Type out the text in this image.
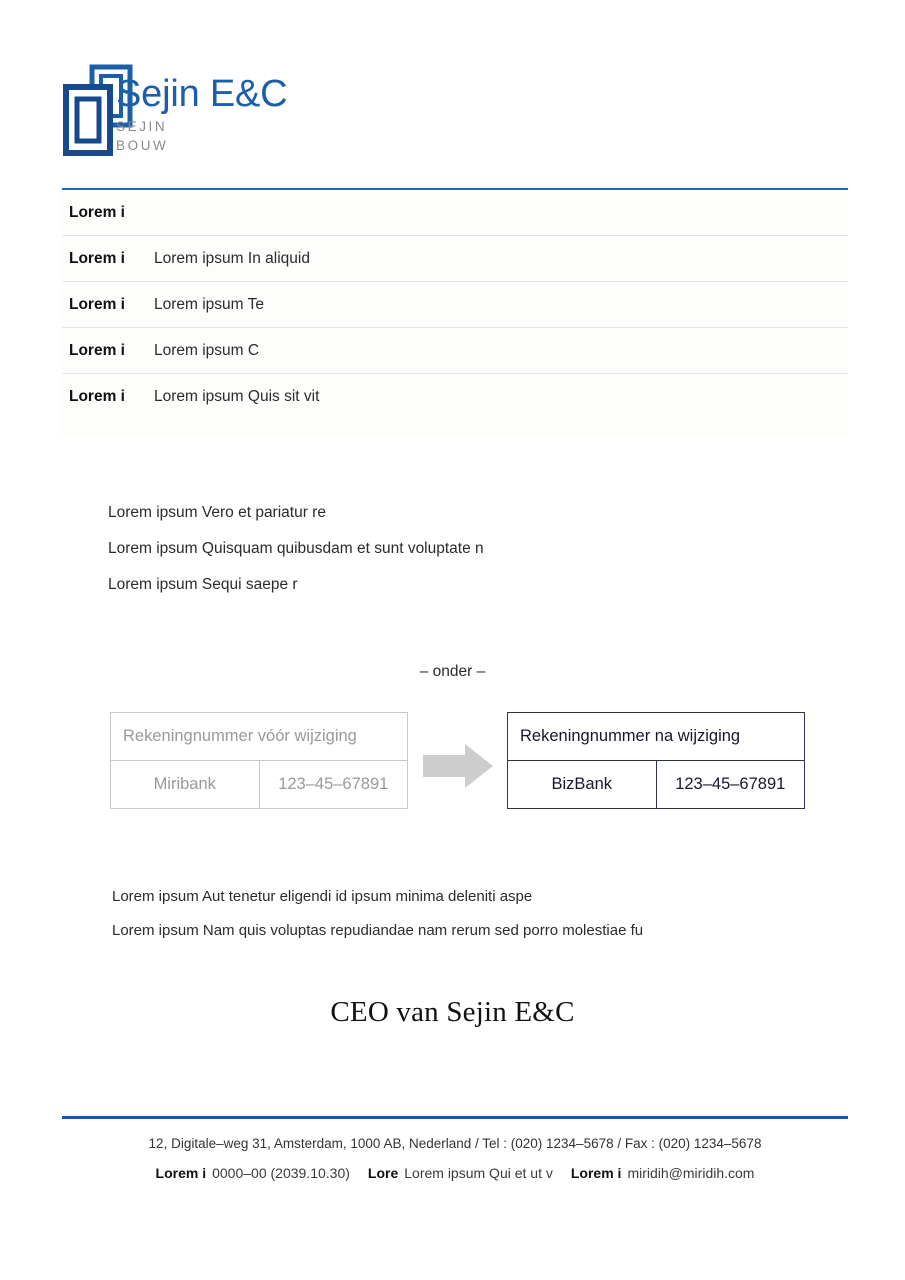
Sejin E&C
SEJIN
BOUW
Lorem i
Lorem i	Lorem ipsum In aliquid
Lorem i	Lorem ipsum Te
Lorem i	Lorem ipsum C
Lorem i	Lorem ipsum Quis sit vit
Lorem ipsum Vero et pariatur re
Lorem ipsum Quisquam quibusdam et sunt voluptate n
Lorem ipsum Sequi saepe r
– onder –
Rekeningnummer vóór wijziging
Miribank	123–45–67891
Rekeningnummer na wijziging
BizBank	123–45–67891
Lorem ipsum Aut tenetur eligendi id ipsum minima deleniti aspe
Lorem ipsum Nam quis voluptas repudiandae nam rerum sed porro molestiae fu
CEO van Sejin E&C
12, Digitale–weg 31, Amsterdam, 1000 AB, Nederland / Tel : (020) 1234–5678 / Fax : (020) 1234–5678
Lorem i 0000–00 (2039.10.30) Lore Lorem ipsum Qui et ut v Lorem i miridih@miridih.com
